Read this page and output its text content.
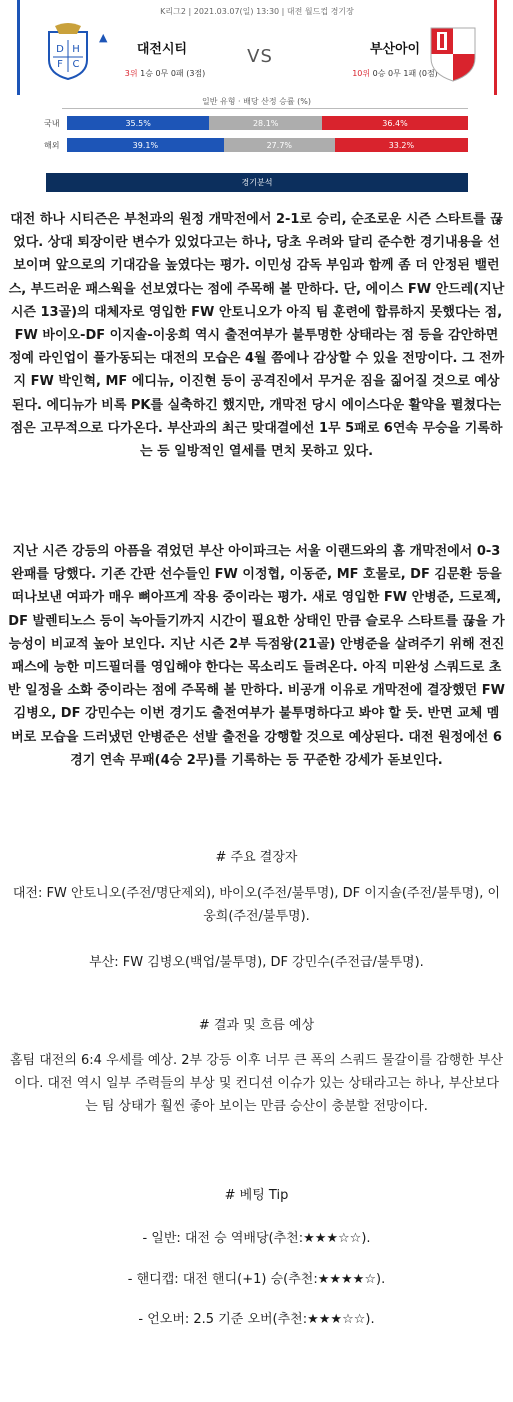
K리그2 | 2021.03.07(일) 13:30 | 대전 월드컵 경기장
D H
F C
▲
대전시티
3위 1승 0무 0패 (3점)
VS	부산아이
10위 0승 0무 1패 (0점)
일반 유형 · 배당 산정 승률 (%)
국내	35.5%	28.1%	36.4%
해외	39.1%	27.7%	33.2%
경기분석

대전 하나 시티즌은 부천과의 원정 개막전에서 2-1로 승리, 순조로운 시즌 스타트를 끊었다. 상대 퇴장이란 변수가 있었다고는 하나, 당초 우려와 달리 준수한 경기내용을 선보이며 앞으로의 기대감을 높였다는 평가. 이민성 감독 부임과 함께 좀 더 안정된 밸런스, 부드러운 패스웍을 선보였다는 점에 주목해 볼 만하다. 단, 에이스 FW 안드레(지난 시즌 13골)의 대체자로 영입한 FW 안토니오가 아직 팀 훈련에 합류하지 못했다는 점, FW 바이오-DF 이지솔-이웅희 역시 출전여부가 불투명한 상태라는 점 등을 감안하면 정예 라인업이 풀가동되는 대전의 모습은 4월 쯤에나 감상할 수 있을 전망이다. 그 전까지 FW 박인혁, MF 에디뉴, 이진현 등이 공격진에서 무거운 짐을 짊어질 것으로 예상된다. 에디뉴가 비록 PK를 실축하긴 했지만, 개막전 당시 에이스다운 활약을 펼쳤다는 점은 고무적으로 다가온다. 부산과의 최근 맞대결에선 1무 5패로 6연속 무승을 기록하는 등 일방적인 열세를 면치 못하고 있다.

지난 시즌 강등의 아픔을 겪었던 부산 아이파크는 서울 이랜드와의 홈 개막전에서 0-3 완패를 당했다. 기존 간판 선수들인 FW 이정협, 이동준, MF 호물로, DF 김문환 등을 떠나보낸 여파가 매우 뼈아프게 작용 중이라는 평가. 새로 영입한 FW 안병준, 드로젝, DF 발렌티노스 등이 녹아들기까지 시간이 필요한 상태인 만큼 슬로우 스타트를 끊을 가능성이 비교적 높아 보인다. 지난 시즌 2부 득점왕(21골) 안병준을 살려주기 위해 전진패스에 능한 미드필더를 영입해야 한다는 목소리도 들려온다. 아직 미완성 스쿼드로 초반 일정을 소화 중이라는 점에 주목해 볼 만하다. 비공개 이유로 개막전에 결장했던 FW 김병오, DF 강민수는 이번 경기도 출전여부가 불투명하다고 봐야 할 듯. 반면 교체 멤버로 모습을 드러냈던 안병준은 선발 출전을 강행할 것으로 예상된다. 대전 원정에선 6경기 연속 무패(4승 2무)를 기록하는 등 꾸준한 강세가 돋보인다.

# 주요 결장자

대전: FW 안토니오(주전/명단제외), 바이오(주전/불투명), DF 이지솔(주전/불투명), 이웅희(주전/불투명).

부산: FW 김병오(백업/불투명), DF 강민수(주전급/불투명).

# 결과 및 흐름 예상

홈팀 대전의 6:4 우세를 예상. 2부 강등 이후 너무 큰 폭의 스쿼드 물갈이를 감행한 부산이다. 대전 역시 일부 주력들의 부상 및 컨디션 이슈가 있는 상태라고는 하나, 부산보다는 팀 상태가 훨씬 좋아 보이는 만큼 승산이 충분할 전망이다.

# 베팅 Tip

- 일반: 대전 승 역배당(추천:★★★☆☆).

- 핸디캡: 대전 핸디(+1) 승(추천:★★★★☆).

- 언오버: 2.5 기준 오버(추천:★★★☆☆).
